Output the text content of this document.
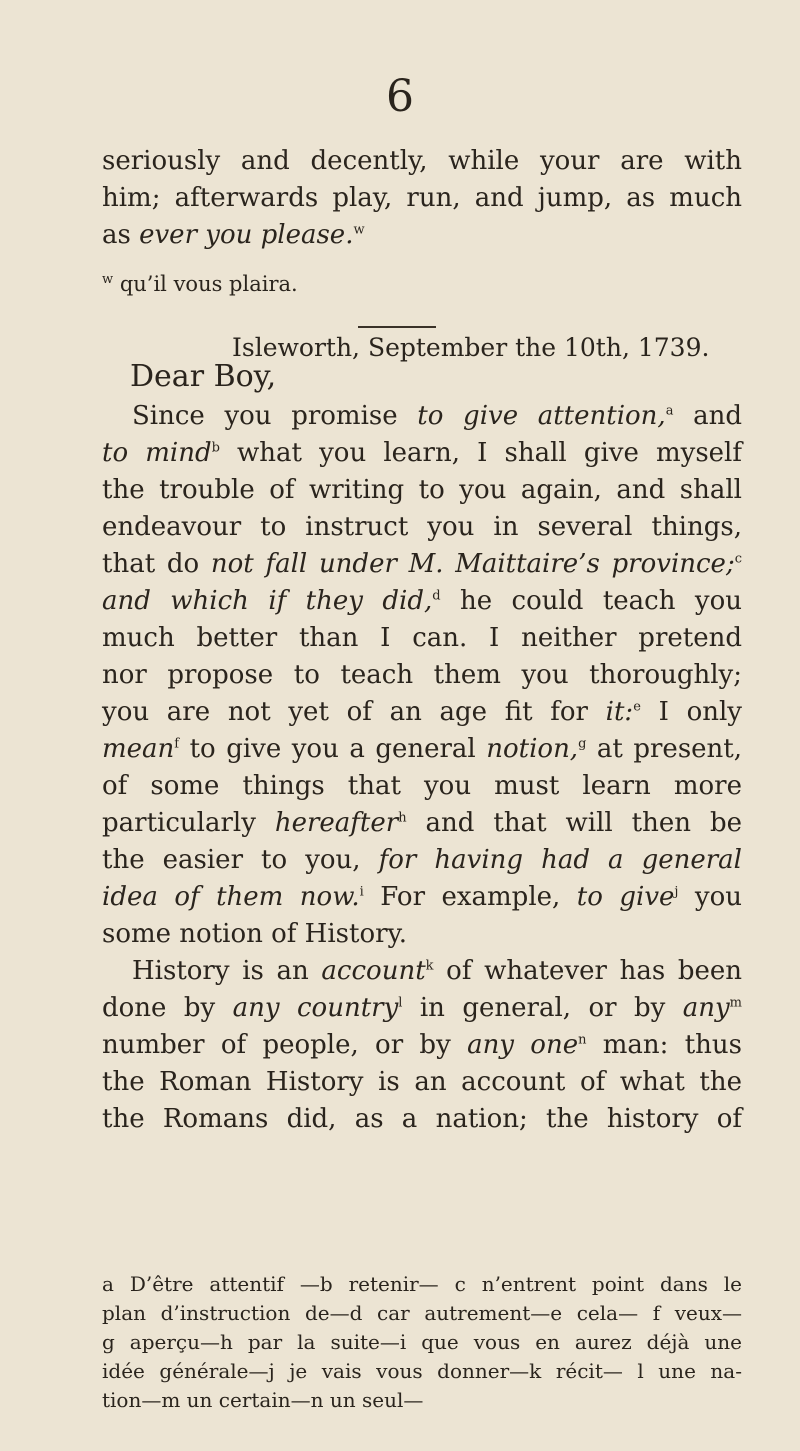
6
seriously and decently, while your are with
him; afterwards play, run, and jump, as much
as ever you please.$^w$
$^w$ qu’il vous plaira.
Isleworth, September the 10th, 1739.
Dear Boy,
Since you promise to give attention,$^a$ and
to mind$^b$ what you learn, I shall give myself
the trouble of writing to you again, and shall
endeavour to instruct you in several things,
that do not fall under M. Maittaire’s province;$^c$
and which if they did,$^d$ he could teach you
much better than I can. I neither pretend
nor propose to teach them you thoroughly;
you are not yet of an age fit for it:$^e$ I only
mean$^f$ to give you a general notion,$^g$ at present,
of some things that you must learn more
particularly hereafter$^h$ and that will then be
the easier to you, for having had a general
idea of them now.$^i$ For example, to give$^j$ you
some notion of History.
History is an account$^k$ of whatever has been
done by any country$^l$ in general, or by any$^m$
number of people, or by any one$^n$ man: thus
the Roman History is an account of what the
the Romans did, as a nation; the history of
a D’être attentif —b retenir— c n’entrent point dans le
plan d’instruction de—d car autrement—e cela— f veux—
g aperçu—h par la suite—i que vous en aurez déjà une
idée générale—j je vais vous donner—k récit— l une na-
tion—m un certain—n un seul—
